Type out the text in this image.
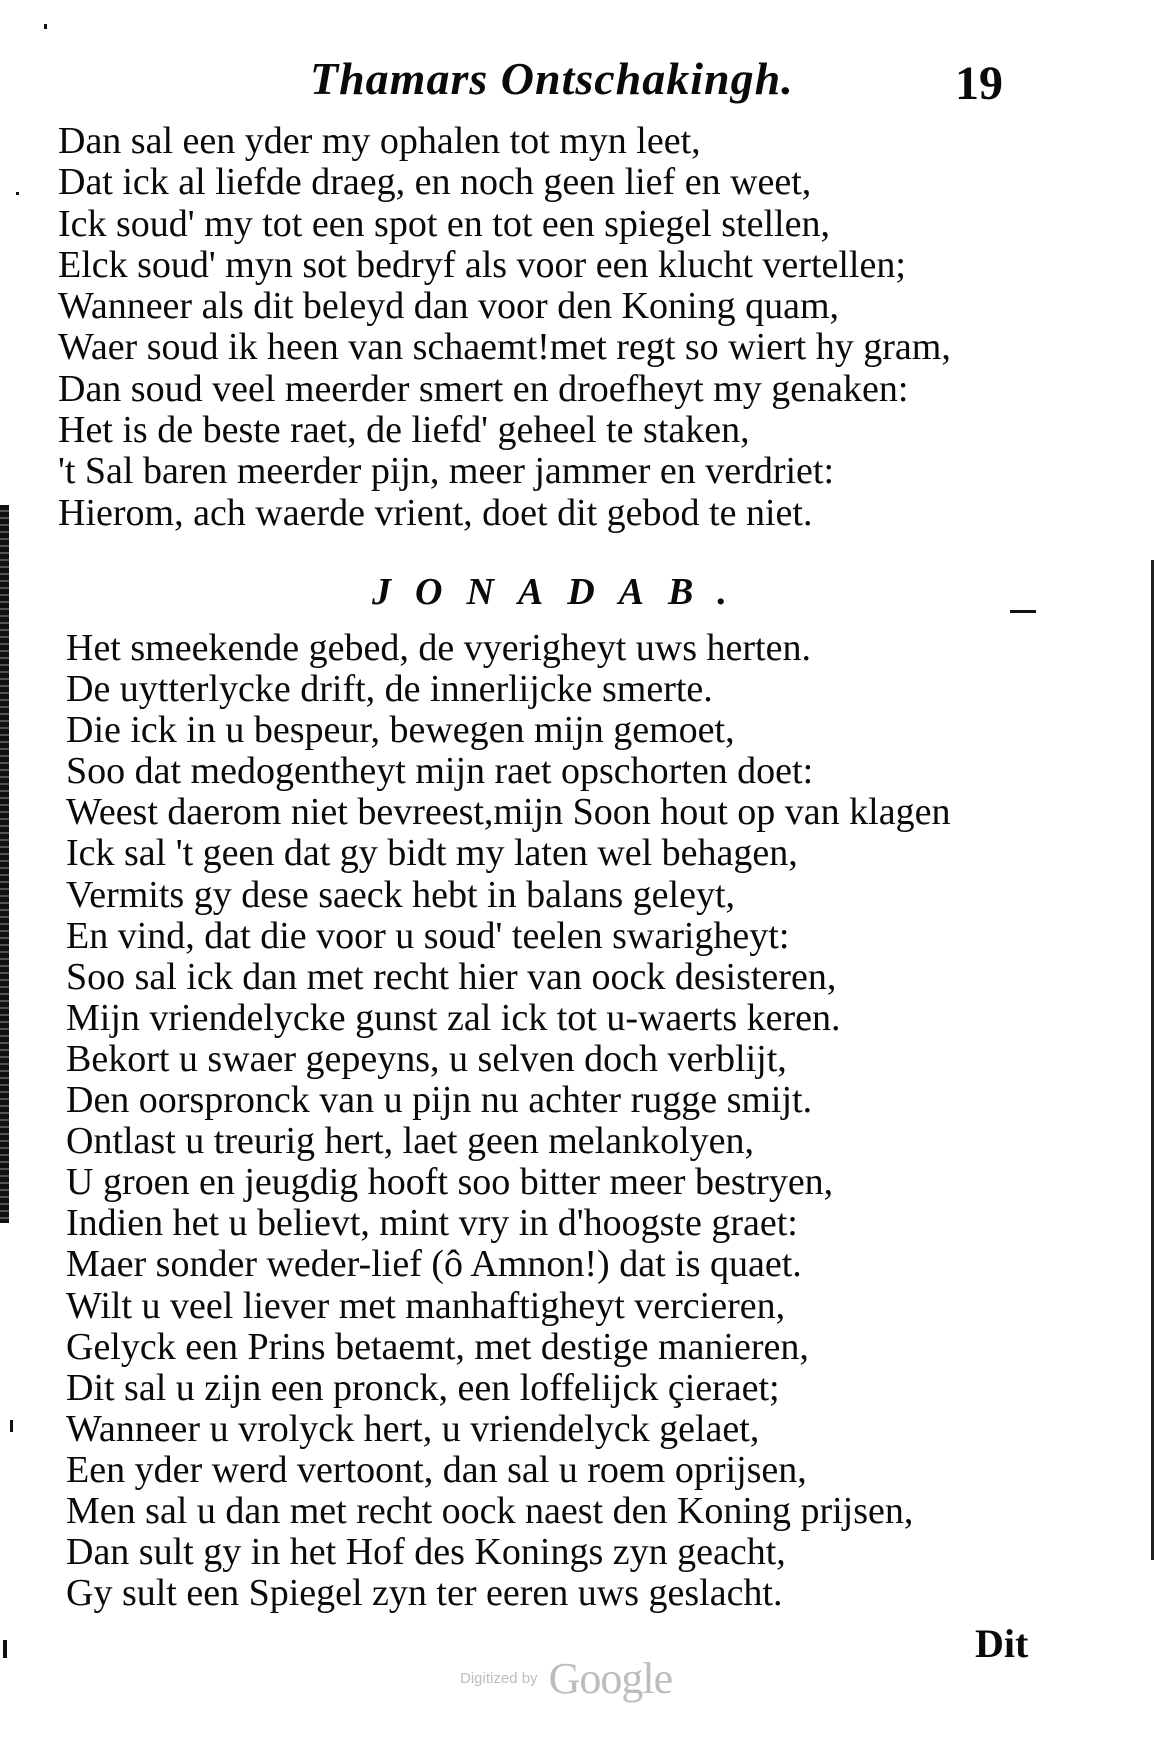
Thamars Ontschakingh.	19
Dan sal een yder my ophalen tot myn leet,
Dat ick al liefde draeg, en noch geen lief en weet,
Ick soud' my tot een spot en tot een spiegel stellen,
Elck soud' myn sot bedryf als voor een klucht vertellen;
Wanneer als dit beleyd dan voor den Koning quam,
Waer soud ik heen van schaemt!met regt so wiert hy gram,
Dan soud veel meerder smert en droefheyt my genaken:
Het is de beste raet, de liefd' geheel te staken,
't Sal baren meerder pijn, meer jammer en verdriet:
Hierom, ach waerde vrient, doet dit gebod te niet.
JONADAB.
Het smeekende gebed, de vyerigheyt uws herten.
De uytterlycke drift, de innerlijcke smerte.
Die ick in u bespeur, bewegen mijn gemoet,
Soo dat medogentheyt mijn raet opschorten doet:
Weest daerom niet bevreest,mijn Soon hout op van klagen
Ick sal 't geen dat gy bidt my laten wel behagen,
Vermits gy dese saeck hebt in balans geleyt,
En vind, dat die voor u soud' teelen swarigheyt:
Soo sal ick dan met recht hier van oock desisteren,
Mijn vriendelycke gunst zal ick tot u-waerts keren.
Bekort u swaer gepeyns, u selven doch verblijt,
Den oorspronck van u pijn nu achter rugge smijt.
Ontlast u treurig hert, laet geen melankolyen,
U groen en jeugdig hooft soo bitter meer bestryen,
Indien het u believt, mint vry in d'hoogste graet:
Maer sonder weder-lief (ô Amnon!) dat is quaet.
Wilt u veel liever met manhaftigheyt vercieren,
Gelyck een Prins betaemt, met destige manieren,
Dit sal u zijn een pronck, een loffelijck çieraet;
Wanneer u vrolyck hert, u vriendelyck gelaet,
Een yder werd vertoont, dan sal u roem oprijsen,
Men sal u dan met recht oock naest den Koning prijsen,
Dan sult gy in het Hof des Konings zyn geacht,
Gy sult een Spiegel zyn ter eeren uws geslacht.
Dit
Digitized by Google
